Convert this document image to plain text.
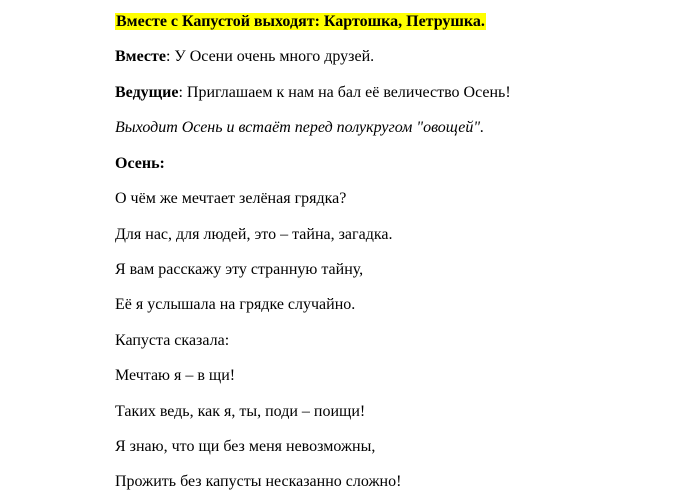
Вместе с Капустой выходят: Картошка, Петрушка.
Вместе: У Осени очень много друзей.
Ведущие: Приглашаем к нам на бал её величество Осень!
Выходит Осень и встаёт перед полукругом "овощей".
Осень:
О чём же мечтает зелёная грядка?
Для нас, для людей, это – тайна, загадка.
Я вам расскажу эту странную тайну,
Её я услышала на грядке случайно.
Капуста сказала:
Мечтаю я – в щи!
Таких ведь, как я, ты, поди – поищи!
Я знаю, что щи без меня невозможны,
Прожить без капусты несказанно сложно!
